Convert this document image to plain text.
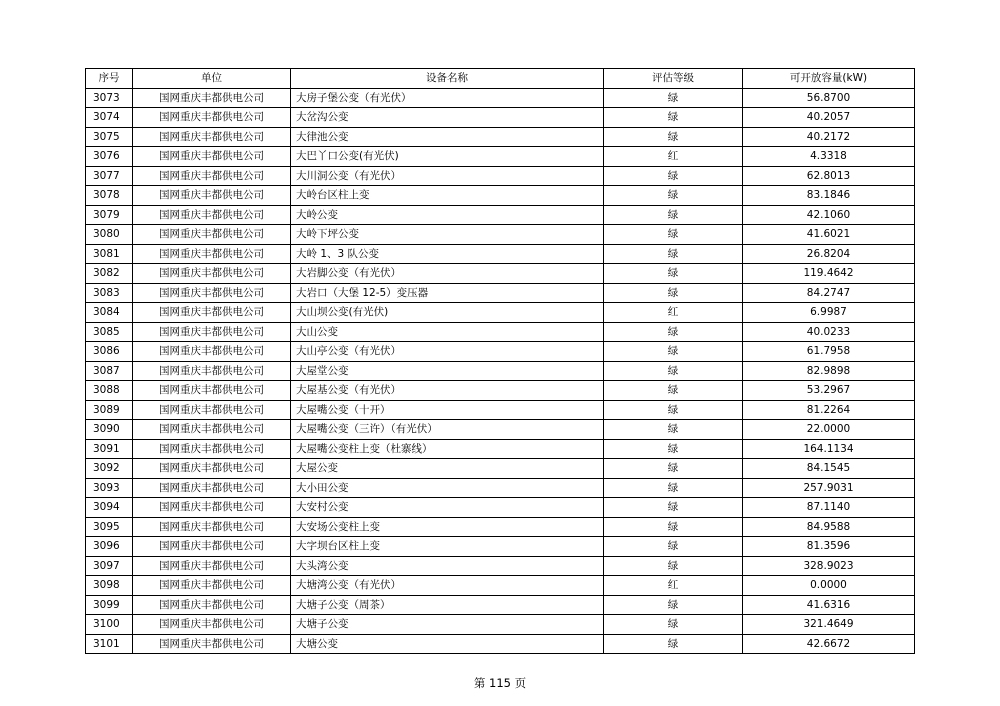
序号	单位	设备名称	评估等级	可开放容量(kW)
3073	国网重庆丰都供电公司	大房子堡公变（有光伏）	绿	56.8700
3074	国网重庆丰都供电公司	大岔沟公变	绿	40.2057
3075	国网重庆丰都供电公司	大律池公变	绿	40.2172
3076	国网重庆丰都供电公司	大巴丫口公变(有光伏)	红	4.3318
3077	国网重庆丰都供电公司	大川洞公变（有光伏）	绿	62.8013
3078	国网重庆丰都供电公司	大岭台区柱上变	绿	83.1846
3079	国网重庆丰都供电公司	大岭公变	绿	42.1060
3080	国网重庆丰都供电公司	大岭下坪公变	绿	41.6021
3081	国网重庆丰都供电公司	大岭 1、3 队公变	绿	26.8204
3082	国网重庆丰都供电公司	大岩脚公变（有光伏）	绿	119.4642
3083	国网重庆丰都供电公司	大岩口（大堡 12-5）变压器	绿	84.2747
3084	国网重庆丰都供电公司	大山坝公变(有光伏)	红	6.9987
3085	国网重庆丰都供电公司	大山公变	绿	40.0233
3086	国网重庆丰都供电公司	大山亭公变（有光伏）	绿	61.7958
3087	国网重庆丰都供电公司	大屋堂公变	绿	82.9898
3088	国网重庆丰都供电公司	大屋基公变（有光伏）	绿	53.2967
3089	国网重庆丰都供电公司	大屋嘴公变（十开）	绿	81.2264
3090	国网重庆丰都供电公司	大屋嘴公变（三许）（有光伏）	绿	22.0000
3091	国网重庆丰都供电公司	大屋嘴公变柱上变（杜寨线）	绿	164.1134
3092	国网重庆丰都供电公司	大屋公变	绿	84.1545
3093	国网重庆丰都供电公司	大小田公变	绿	257.9031
3094	国网重庆丰都供电公司	大安村公变	绿	87.1140
3095	国网重庆丰都供电公司	大安场公变柱上变	绿	84.9588
3096	国网重庆丰都供电公司	大字坝台区柱上变	绿	81.3596
3097	国网重庆丰都供电公司	大头湾公变	绿	328.9023
3098	国网重庆丰都供电公司	大塘湾公变（有光伏）	红	0.0000
3099	国网重庆丰都供电公司	大塘子公变（周茶）	绿	41.6316
3100	国网重庆丰都供电公司	大塘子公变	绿	321.4649
3101	国网重庆丰都供电公司	大塘公变	绿	42.6672
第 115 页
